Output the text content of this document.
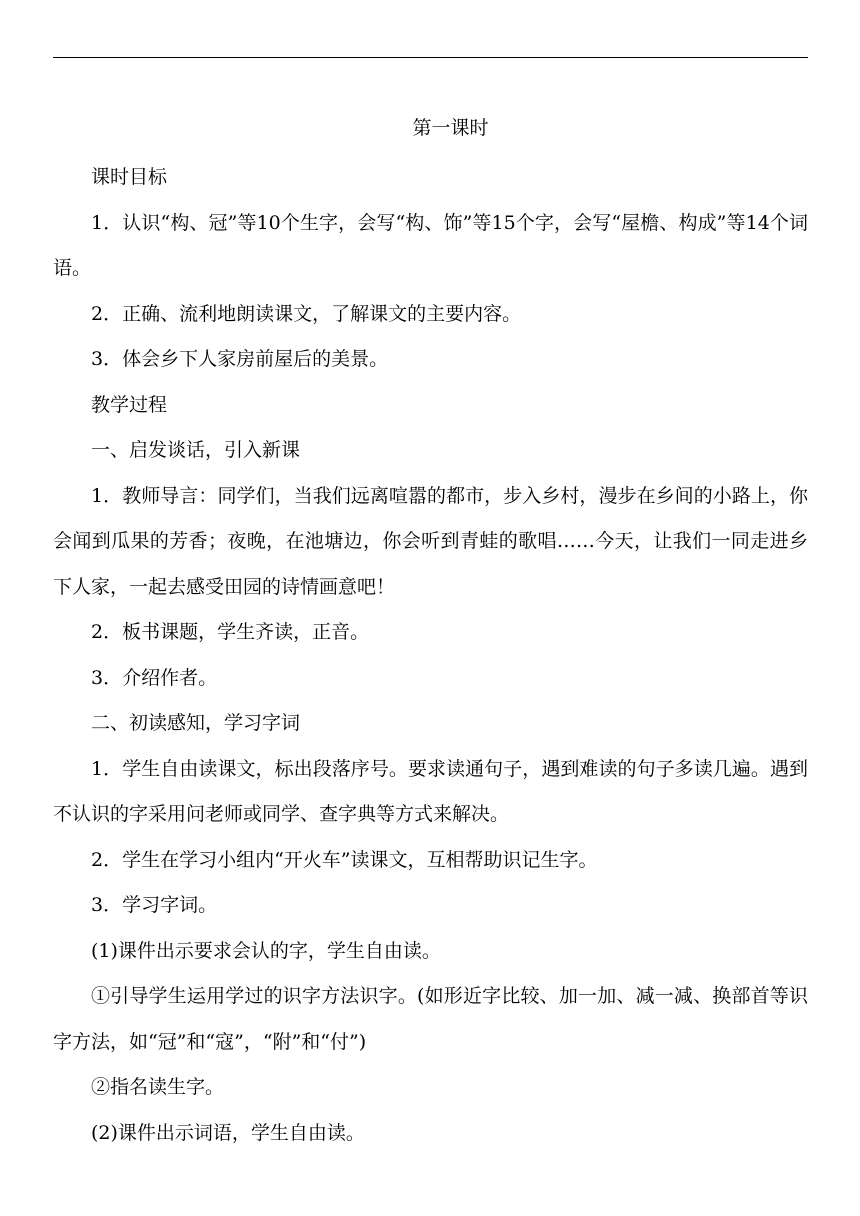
第一课时

课时目标

1．认识“构、冠”等10个生字，会写“构、饰”等15个字，会写“屋檐、构成”等14个词语。

2．正确、流利地朗读课文，了解课文的主要内容。

3．体会乡下人家房前屋后的美景。

教学过程

一、启发谈话，引入新课

1．教师导言：同学们，当我们远离喧嚣的都市，步入乡村，漫步在乡间的小路上，你会闻到瓜果的芳香；夜晚，在池塘边，你会听到青蛙的歌唱……今天，让我们一同走进乡下人家，一起去感受田园的诗情画意吧！

2．板书课题，学生齐读，正音。

3．介绍作者。

二、初读感知，学习字词

1．学生自由读课文，标出段落序号。要求读通句子，遇到难读的句子多读几遍。遇到不认识的字采用问老师或同学、查字典等方式来解决。

2．学生在学习小组内“开火车”读课文，互相帮助识记生字。

3．学习字词。

(1)课件出示要求会认的字，学生自由读。

①引导学生运用学过的识字方法识字。(如形近字比较、加一加、减一减、换部首等识字方法，如“冠”和“寇”，“附”和“付”)

②指名读生字。

(2)课件出示词语，学生自由读。
